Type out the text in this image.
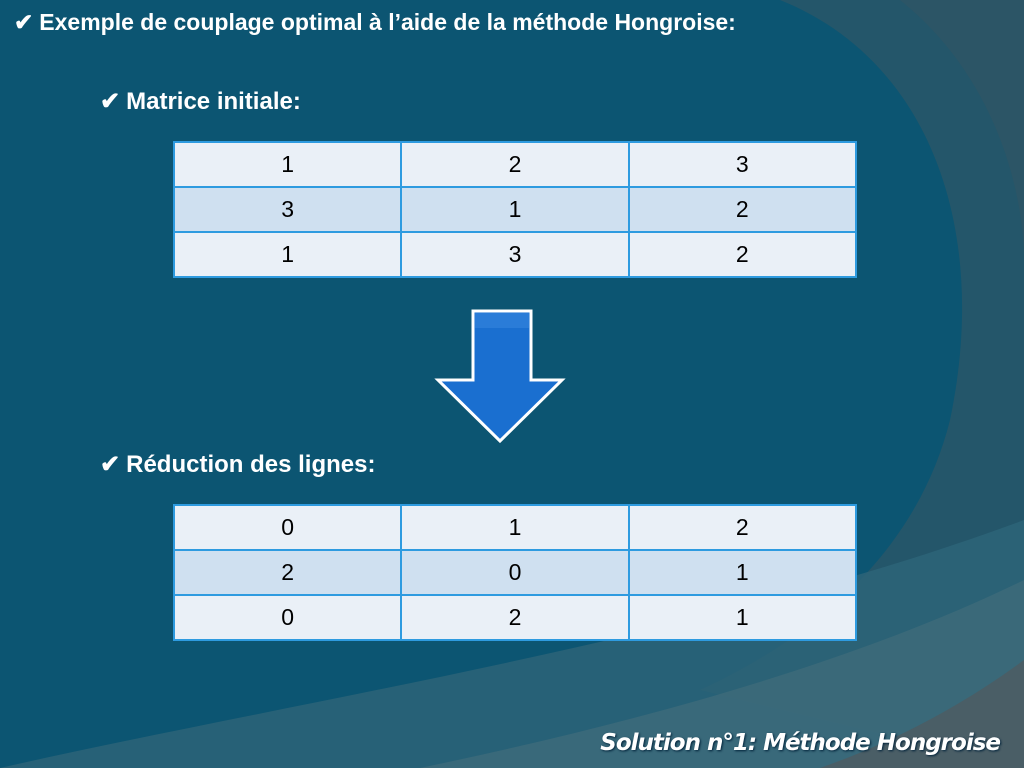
✔ Exemple de couplage optimal à l’aide de la méthode Hongroise:
✔ Matrice initiale:
1	2	3
3	1	2
1	3	2
✔ Réduction des lignes:
0	1	2
2	0	1
0	2	1
Solution n°1: Méthode Hongroise
